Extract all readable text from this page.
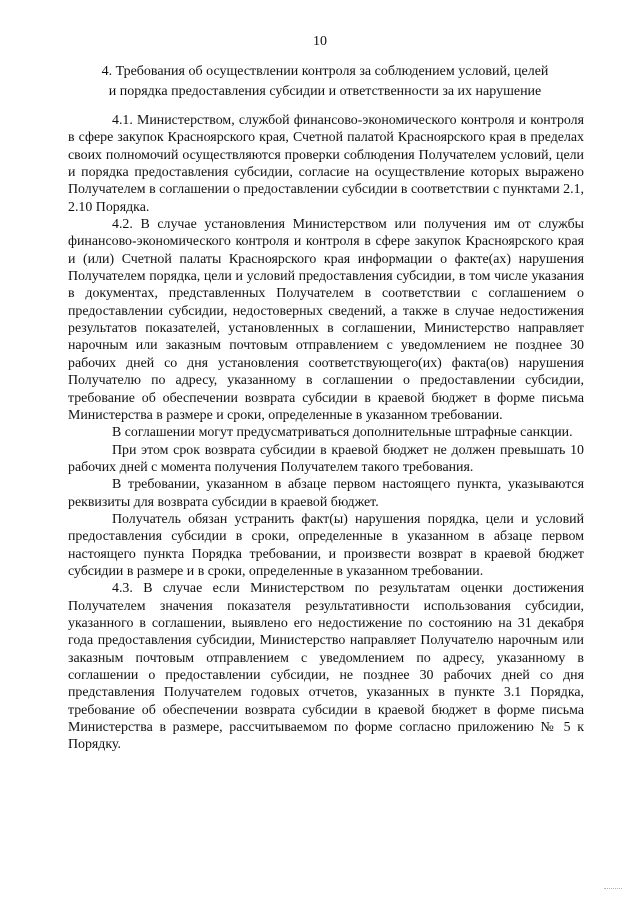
10
4. Требования об осуществлении контроля за соблюдением условий, целей
и порядка предоставления субсидии и ответственности за их нарушение

4.1. Министерством, службой финансово-экономического контроля и контроля в сфере закупок Красноярского края, Счетной палатой Красноярского края в пределах своих полномочий осуществляются проверки соблюдения Получателем условий, цели и порядка предоставления субсидии, согласие на осуществление которых выражено Получателем в соглашении о предоставлении субсидии в соответствии с пунктами 2.1, 2.10 Порядка.

4.2. В случае установления Министерством или получения им от службы финансово-экономического контроля и контроля в сфере закупок Красноярского края и (или) Счетной палаты Красноярского края информации о факте(ах) нарушения Получателем порядка, цели и условий предоставления субсидии, в том числе указания в документах, представленных Получателем в соответствии с соглашением о предоставлении субсидии, недостоверных сведений, а также в случае недостижения результатов показателей, установленных в соглашении, Министерство направляет нарочным или заказным почтовым отправлением с уведомлением не позднее 30 рабочих дней со дня установления соответствующего(их) факта(ов) нарушения Получателю по адресу, указанному в соглашении о предоставлении субсидии, требование об обеспечении возврата субсидии в краевой бюджет в форме письма Министерства в размере и сроки, определенные в указанном требовании.

В соглашении могут предусматриваться дополнительные штрафные санкции.

При этом срок возврата субсидии в краевой бюджет не должен превышать 10 рабочих дней с момента получения Получателем такого требования.

В требовании, указанном в абзаце первом настоящего пункта, указываются реквизиты для возврата субсидии в краевой бюджет.

Получатель обязан устранить факт(ы) нарушения порядка, цели и условий предоставления субсидии в сроки, определенные в указанном в абзаце первом настоящего пункта Порядка требовании, и произвести возврат в краевой бюджет субсидии в размере и в сроки, определенные в указанном требовании.

4.3. В случае если Министерством по результатам оценки достижения Получателем значения показателя результативности использования субсидии, указанного в соглашении, выявлено его недостижение по состоянию на 31 декабря года предоставления субсидии, Министерство направляет Получателю нарочным или заказным почтовым отправлением с уведомлением по адресу, указанному в соглашении о предоставлении субсидии, не позднее 30 рабочих дней со дня представления Получателем годовых отчетов, указанных в пункте 3.1 Порядка, требование об обеспечении возврата субсидии в краевой бюджет в форме письма Министерства в размере, рассчитываемом по форме согласно приложению № 5 к Порядку.
